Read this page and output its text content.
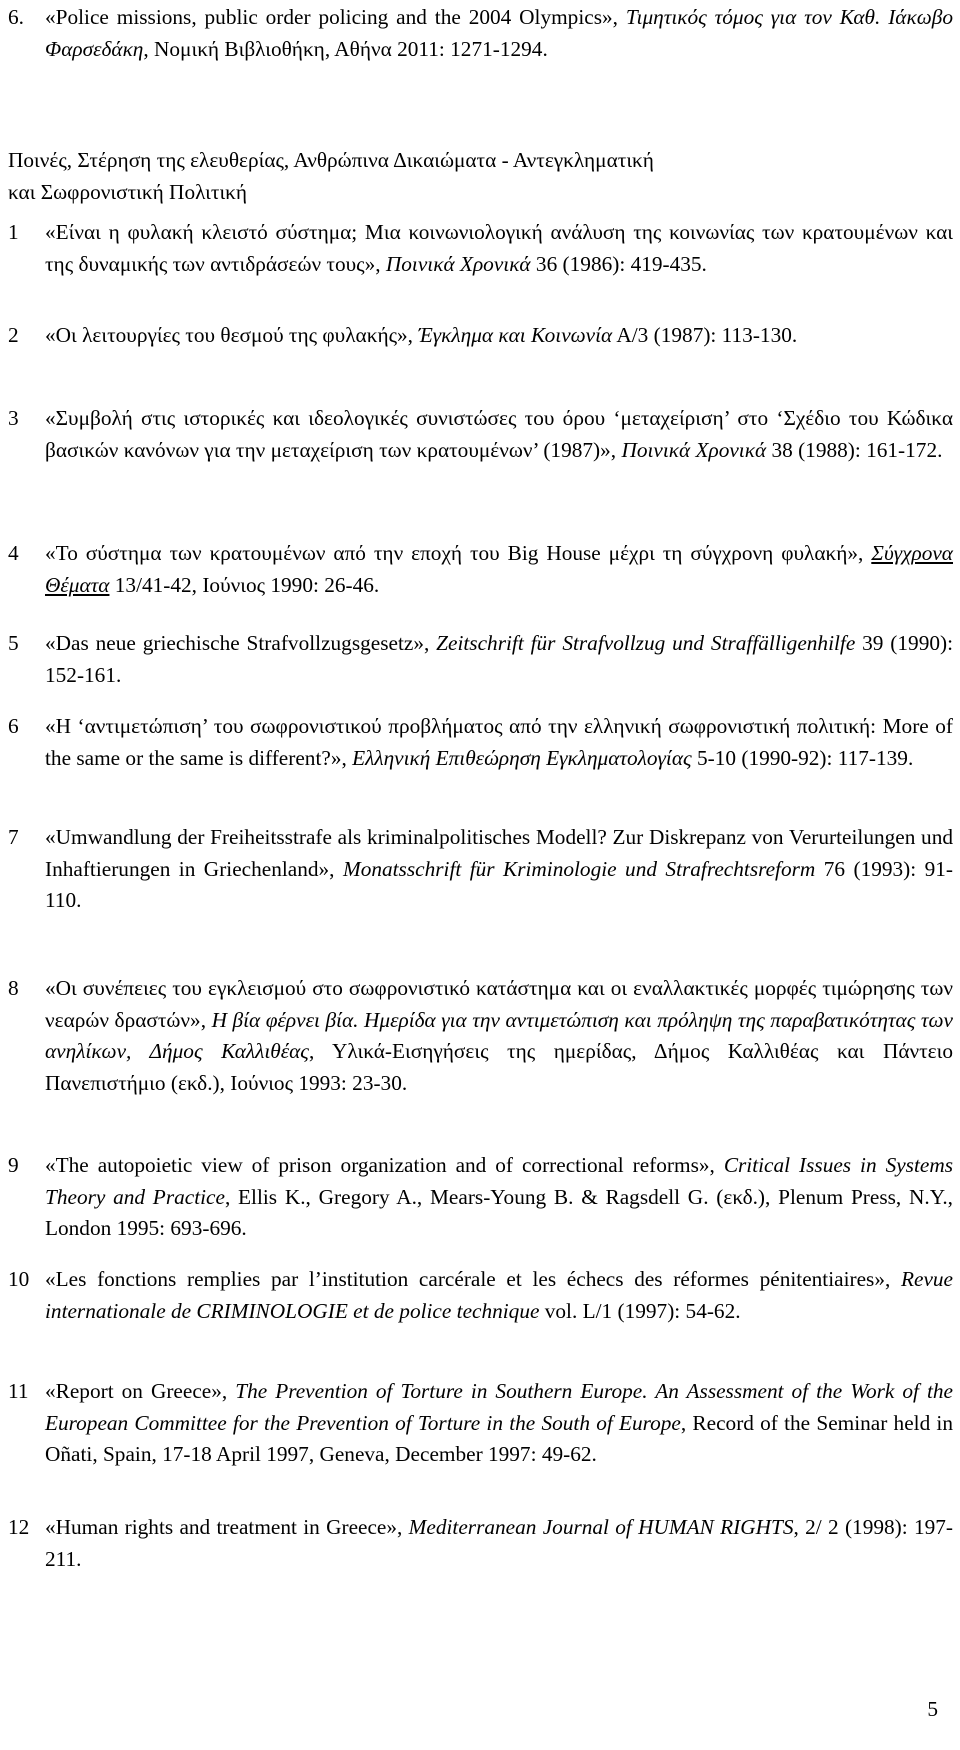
6. «Police missions, public order policing and the 2004 Olympics», Τιμητικός τόμος για τον Καθ. Ιάκωβο Φαρσεδάκη, Νομική Βιβλιοθήκη, Αθήνα 2011: 1271-1294.
Ποινές, Στέρηση της ελευθερίας, Ανθρώπινα Δικαιώματα - Αντεγκληματική
και Σωφρονιστική Πολιτική
1	«Είναι η φυλακή κλειστό σύστημα; Μια κοινωνιολογική ανάλυση της κοινωνίας των κρατουμένων και της δυναμικής των αντιδράσεών τους», Ποινικά Χρονικά 36 (1986): 419-435.
2	«Οι λειτουργίες του θεσμού της φυλακής», Έγκλημα και Κοινωνία Α/3 (1987): 113-130.
3	«Συμβολή στις ιστορικές και ιδεολογικές συνιστώσες του όρου ‘μεταχείριση’ στο ‘Σχέδιο του Κώδικα βασικών κανόνων για την μεταχείριση των κρατουμένων’ (1987)», Ποινικά Χρονικά 38 (1988): 161-172.
4	«Το σύστημα των κρατουμένων από την εποχή του Big House μέχρι τη σύγχρονη φυλακή», Σύγχρονα Θέματα 13/41-42, Ιούνιος 1990: 26-46.
5	«Das neue griechische Strafvollzugsgesetz», Zeitschrift für Strafvollzug und Straffälligenhilfe 39 (1990): 152-161.
6	«Η ‘αντιμετώπιση’ του σωφρονιστικού προβλήματος από την ελληνική σωφρονιστική πολιτική: More of the same or the same is different?», Ελληνική Επιθεώρηση Εγκληματολογίας 5-10 (1990-92): 117-139.
7	«Umwandlung der Freiheitsstrafe als kriminalpolitisches Modell? Zur Diskrepanz von Verurteilungen und Inhaftierungen in Griechenland», Monatsschrift für Kriminologie und Strafrechtsreform 76 (1993): 91-110.
8	«Οι συνέπειες του εγκλεισμού στο σωφρονιστικό κατάστημα και οι εναλλακτικές μορφές τιμώρησης των νεαρών δραστών», Η βία φέρνει βία. Ημερίδα για την αντιμετώπιση και πρόληψη της παραβατικότητας των ανηλίκων, Δήμος Καλλιθέας, Υλικά-Εισηγήσεις της ημερίδας, Δήμος Καλλιθέας και Πάντειο Πανεπιστήμιο (εκδ.), Ιούνιος 1993: 23-30.
9	«The autopoietic view of prison organization and of correctional reforms», Critical Issues in Systems Theory and Practice, Ellis K., Gregory A., Mears-Young B. & Ragsdell G. (εκδ.), Plenum Press, N.Y., London 1995: 693-696.
10 «Les fonctions remplies par l’institution carcérale et les échecs des réformes pénitentiaires», Revue internationale de CRIMINOLOGIE et de police technique vol. L/1 (1997): 54-62.
11 «Report on Greece», The Prevention of Torture in Southern Europe. An Assessment of the Work of the European Committee for the Prevention of Torture in the South of Europe, Record of the Seminar held in Oñati, Spain, 17-18 April 1997, Geneva, December 1997: 49-62.
12 «Human rights and treatment in Greece», Mediterranean Journal of HUMAN RIGHTS, 2/ 2 (1998): 197-211.
5
